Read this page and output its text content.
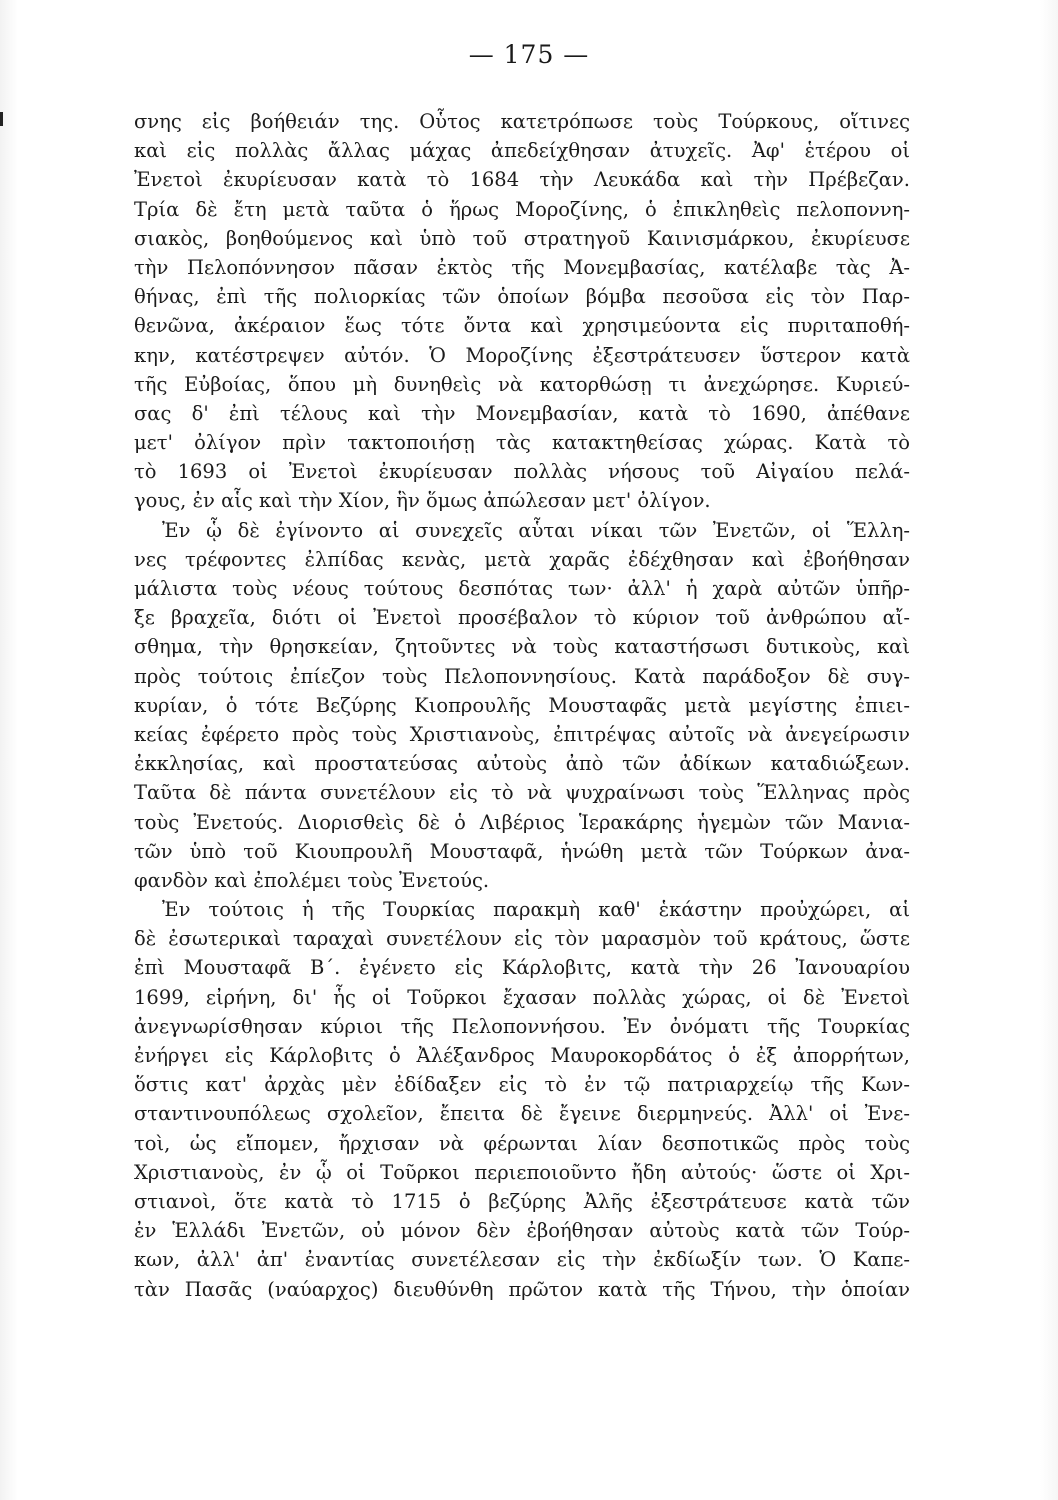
— 175 —
σνης εἰς βοήθειάν της. Οὗτος κατετρόπωσε τοὺς Τούρκους, οἵτινες
καὶ εἰς πολλὰς ἄλλας μάχας ἀπεδείχθησαν ἀτυχεῖς. Ἀφ' ἑτέρου οἱ
Ἐνετοὶ ἐκυρίευσαν κατὰ τὸ 1684 τὴν Λευκάδα καὶ τὴν Πρέβεζαν.
Τρία δὲ ἔτη μετὰ ταῦτα ὁ ἥρως Μοροζίνης, ὁ ἐπικληθεὶς πελοποννη-
σιακὸς, βοηθούμενος καὶ ὑπὸ τοῦ στρατηγοῦ Καινισμάρκου, ἐκυρίευσε
τὴν Πελοπόννησον πᾶσαν ἐκτὸς τῆς Μονεμβασίας, κατέλαβε τὰς Ἀ-
θήνας, ἐπὶ τῆς πολιορκίας τῶν ὁποίων βόμβα πεσοῦσα εἰς τὸν Παρ-
θενῶνα, ἀκέραιον ἕως τότε ὄντα καὶ χρησιμεύοντα εἰς πυριταποθή-
κην, κατέστρεψεν αὐτόν. Ὁ Μοροζίνης ἐξεστράτευσεν ὕστερον κατὰ
τῆς Εὐβοίας, ὅπου μὴ δυνηθεὶς νὰ κατορθώσῃ τι ἀνεχώρησε. Κυριεύ-
σας δ' ἐπὶ τέλους καὶ τὴν Μονεμβασίαν, κατὰ τὸ 1690, ἀπέθανε
μετ' ὀλίγον πρὶν τακτοποιήσῃ τὰς κατακτηθείσας χώρας. Κατὰ τὸ
τὸ 1693 οἱ Ἐνετοὶ ἐκυρίευσαν πολλὰς νήσους τοῦ Αἰγαίου πελά-
γους, ἐν αἷς καὶ τὴν Χίον, ἣν ὅμως ἀπώλεσαν μετ' ὀλίγον.
Ἐν ᾧ δὲ ἐγίνοντο αἱ συνεχεῖς αὗται νίκαι τῶν Ἐνετῶν, οἱ Ἕλλη-
νες τρέφοντες ἐλπίδας κενὰς, μετὰ χαρᾶς ἐδέχθησαν καὶ ἐβοήθησαν
μάλιστα τοὺς νέους τούτους δεσπότας των· ἀλλ' ἡ χαρὰ αὐτῶν ὑπῆρ-
ξε βραχεῖα, διότι οἱ Ἐνετοὶ προσέβαλον τὸ κύριον τοῦ ἀνθρώπου αἴ-
σθημα, τὴν θρησκείαν, ζητοῦντες νὰ τοὺς καταστήσωσι δυτικοὺς, καὶ
πρὸς τούτοις ἐπίεζον τοὺς Πελοποννησίους. Κατὰ παράδοξον δὲ συγ-
κυρίαν, ὁ τότε Βεζύρης Κιοπρουλῆς Μουσταφᾶς μετὰ μεγίστης ἐπιει-
κείας ἐφέρετο πρὸς τοὺς Χριστιανοὺς, ἐπιτρέψας αὐτοῖς νὰ ἀνεγείρωσιν
ἐκκλησίας, καὶ προστατεύσας αὐτοὺς ἀπὸ τῶν ἀδίκων καταδιώξεων.
Ταῦτα δὲ πάντα συνετέλουν εἰς τὸ νὰ ψυχραίνωσι τοὺς Ἕλληνας πρὸς
τοὺς Ἐνετούς. Διορισθεὶς δὲ ὁ Λιβέριος Ἱερακάρης ἡγεμὼν τῶν Μανια-
τῶν ὑπὸ τοῦ Κιουπρουλῆ Μουσταφᾶ, ἡνώθη μετὰ τῶν Τούρκων ἀνα-
φανδὸν καὶ ἐπολέμει τοὺς Ἐνετούς.
Ἐν τούτοις ἡ τῆς Τουρκίας παρακμὴ καθ' ἑκάστην προὐχώρει, αἱ
δὲ ἐσωτερικαὶ ταραχαὶ συνετέλουν εἰς τὸν μαρασμὸν τοῦ κράτους, ὥστε
ἐπὶ Μουσταφᾶ Β΄. ἐγένετο εἰς Κάρλοβιτς, κατὰ τὴν 26 Ἰανουαρίου
1699, εἰρήνη, δι' ἧς οἱ Τοῦρκοι ἔχασαν πολλὰς χώρας, οἱ δὲ Ἐνετοὶ
ἀνεγνωρίσθησαν κύριοι τῆς Πελοποννήσου. Ἐν ὀνόματι τῆς Τουρκίας
ἐνήργει εἰς Κάρλοβιτς ὁ Ἀλέξανδρος Μαυροκορδάτος ὁ ἐξ ἀπορρήτων,
ὅστις κατ' ἀρχὰς μὲν ἐδίδαξεν εἰς τὸ ἐν τῷ πατριαρχείῳ τῆς Κων-
σταντινουπόλεως σχολεῖον, ἔπειτα δὲ ἔγεινε διερμηνεύς. Ἀλλ' οἱ Ἐνε-
τοὶ, ὡς εἴπομεν, ἤρχισαν νὰ φέρωνται λίαν δεσποτικῶς πρὸς τοὺς
Χριστιανοὺς, ἐν ᾧ οἱ Τοῦρκοι περιεποιοῦντο ἤδη αὐτούς· ὥστε οἱ Χρι-
στιανοὶ, ὅτε κατὰ τὸ 1715 ὁ βεζύρης Ἀλῆς ἐξεστράτευσε κατὰ τῶν
ἐν Ἑλλάδι Ἐνετῶν, οὐ μόνον δὲν ἐβοήθησαν αὐτοὺς κατὰ τῶν Τούρ-
κων, ἀλλ' ἀπ' ἐναντίας συνετέλεσαν εἰς τὴν ἐκδίωξίν των. Ὁ Καπε-
τὰν Πασᾶς (ναύαρχος) διευθύνθη πρῶτον κατὰ τῆς Τήνου, τὴν ὁποίαν
